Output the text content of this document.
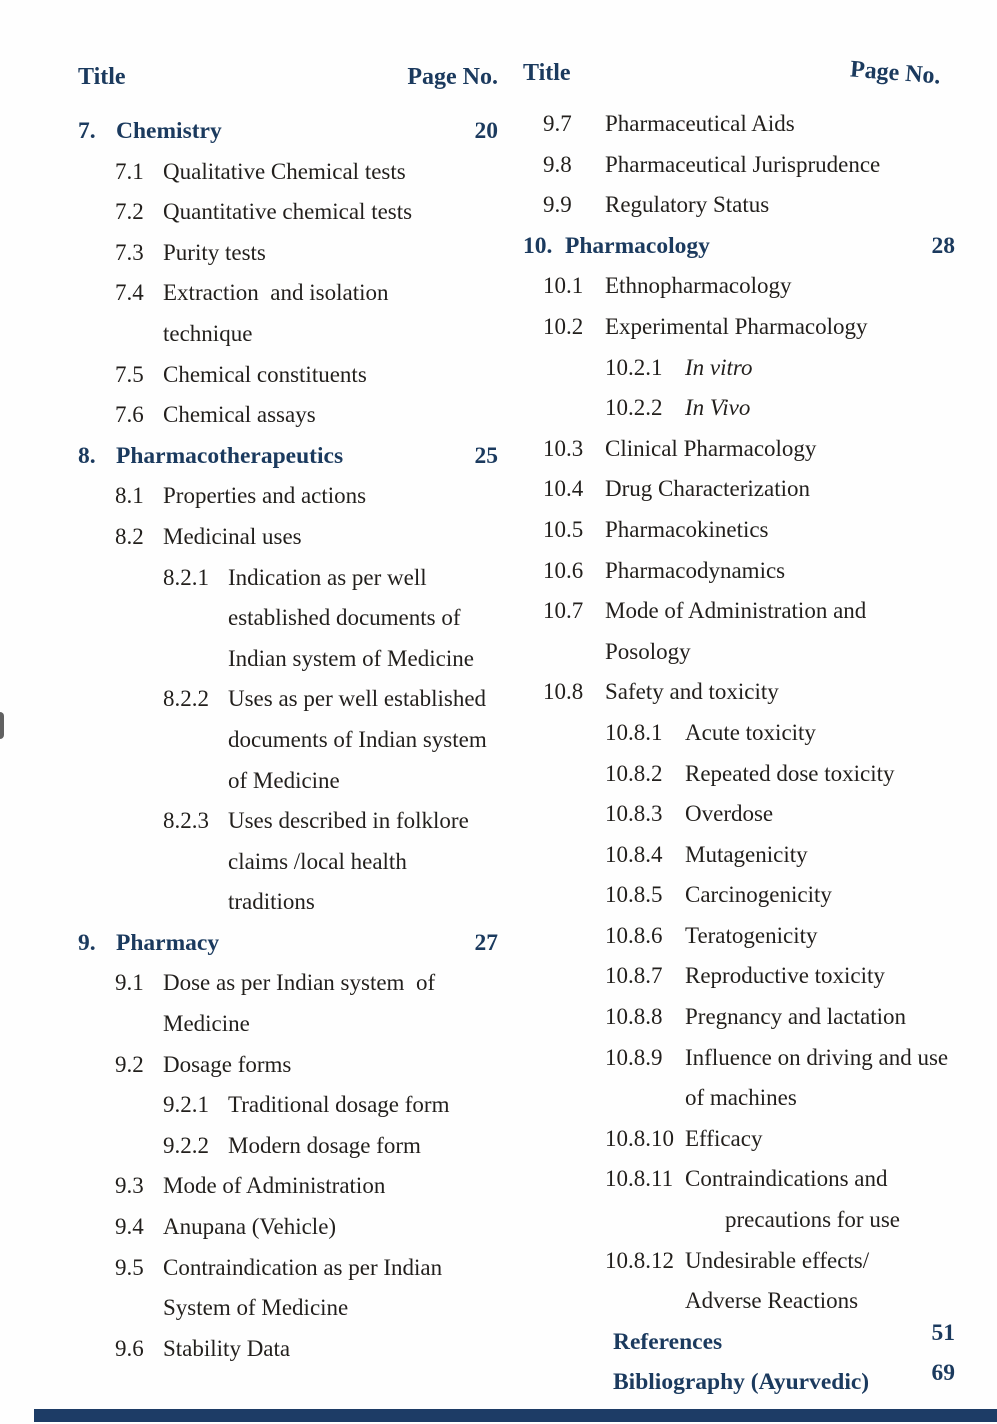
Title	Page No.
7. Chemistry	20
7.1 Qualitative Chemical tests
7.2 Quantitative chemical tests
7.3 Purity tests
7.4 Extraction  and isolation
technique
7.5 Chemical constituents
7.6 Chemical assays
8. Pharmacotherapeutics	25
8.1 Properties and actions
8.2 Medicinal uses
8.2.1 Indication as per well
established documents of
Indian system of Medicine
8.2.2 Uses as per well established
documents of Indian system
of Medicine
8.2.3 Uses described in folklore
claims /local health
traditions
9. Pharmacy	27
9.1 Dose as per Indian system  of
Medicine
9.2 Dosage forms
9.2.1 Traditional dosage form
9.2.2 Modern dosage form
9.3 Mode of Administration
9.4 Anupana (Vehicle)
9.5 Contraindication as per Indian
System of Medicine
9.6 Stability Data
Title	Page No.
9.7	Pharmaceutical Aids
9.8	Pharmaceutical Jurisprudence
9.9	Regulatory Status
10. Pharmacology	28
10.1 Ethnopharmacology
10.2 Experimental Pharmacology
10.2.1 In vitro
10.2.2 In Vivo
10.3 Clinical Pharmacology
10.4 Drug Characterization
10.5 Pharmacokinetics
10.6 Pharmacodynamics
10.7 Mode of Administration and
Posology
10.8 Safety and toxicity
10.8.1 Acute toxicity
10.8.2 Repeated dose toxicity
10.8.3 Overdose
10.8.4 Mutagenicity
10.8.5 Carcinogenicity
10.8.6 Teratogenicity
10.8.7 Reproductive toxicity
10.8.8 Pregnancy and lactation
10.8.9 Influence on driving and use
of machines
10.8.10 Efficacy
10.8.11 Contraindications and
precautions for use
10.8.12 Undesirable effects/
Adverse Reactions
References	51
Bibliography (Ayurvedic)	69
